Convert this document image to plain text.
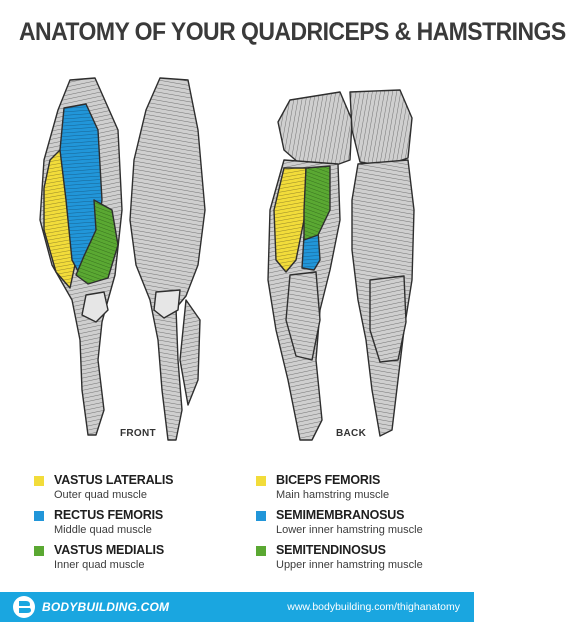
ANATOMY OF YOUR QUADRICEPS & HAMSTRINGS
FRONT	BACK
VASTUS LATERALIS
Outer quad muscle
RECTUS FEMORIS
Middle quad muscle
VASTUS MEDIALIS
Inner quad muscle
BICEPS FEMORIS
Main hamstring muscle
SEMIMEMBRANOSUS
Lower inner hamstring muscle
SEMITENDINOSUS
Upper inner hamstring muscle
BODYBUILDING.COM	www.bodybuilding.com/thighanatomy
